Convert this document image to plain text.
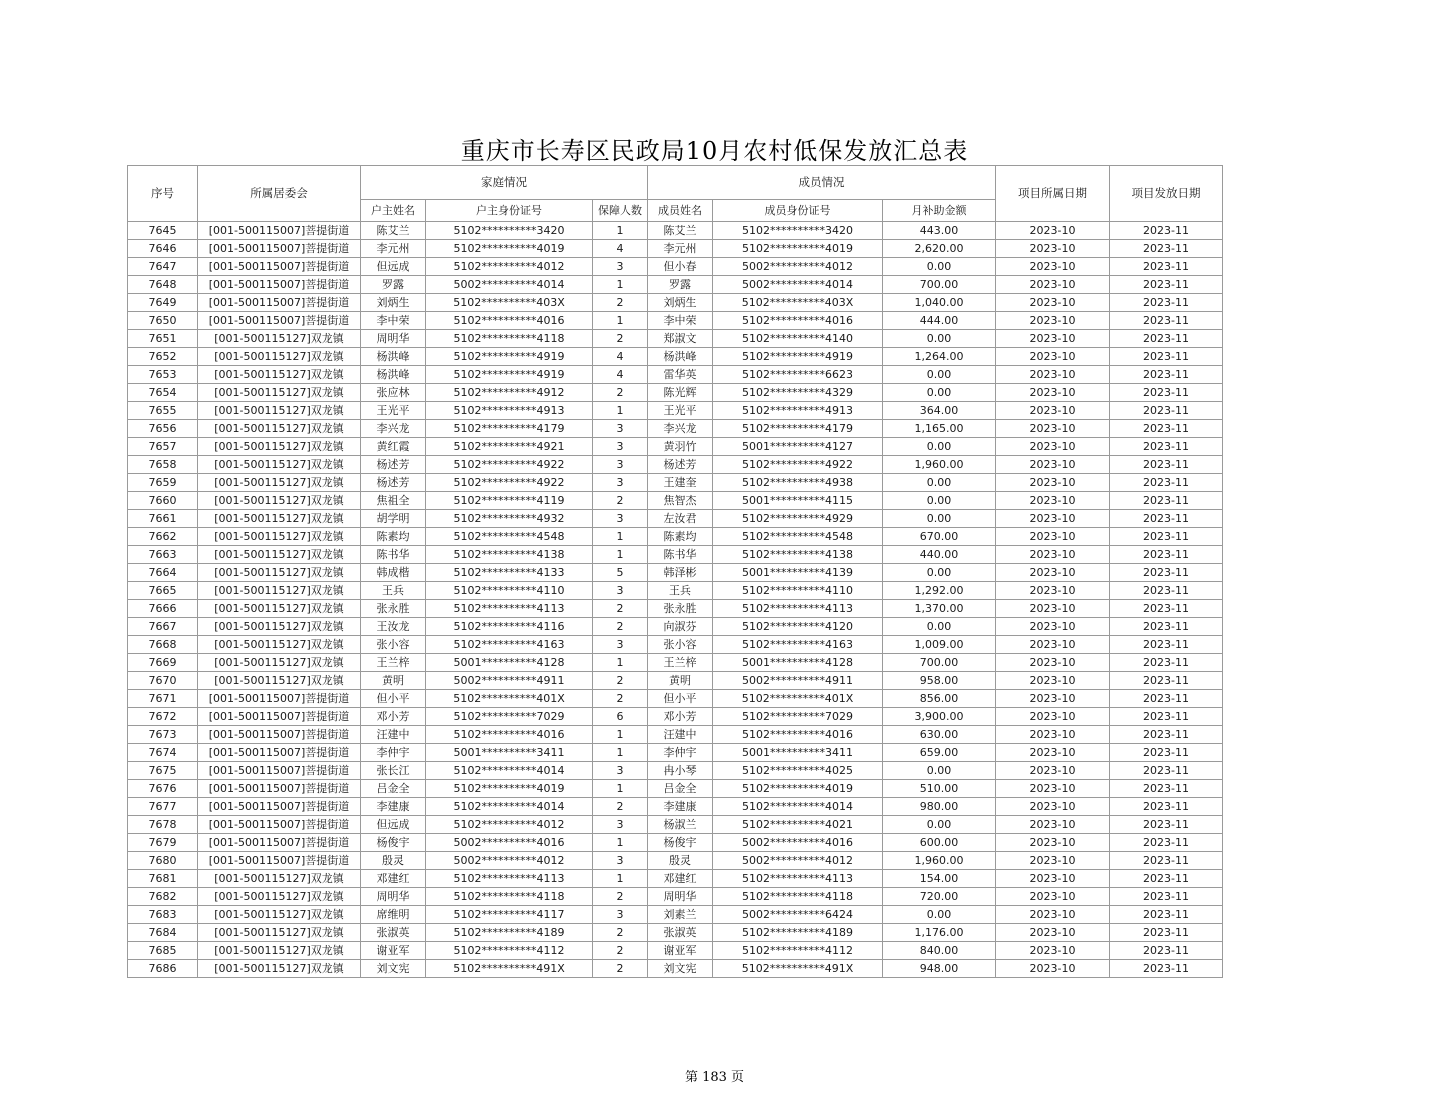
重庆市长寿区民政局10月农村低保发放汇总表
序号	所属居委会	家庭情况			成员情况			项目所属日期	项目发放日期
		户主姓名	户主身份证号	保障人数	成员姓名	成员身份证号	月补助金额		
7645	[001-500115007]菩提街道	陈艾兰	5102**********3420	1	陈艾兰	5102**********3420	443.00	2023-10	2023-11
7646	[001-500115007]菩提街道	李元州	5102**********4019	4	李元州	5102**********4019	2,620.00	2023-10	2023-11
7647	[001-500115007]菩提街道	但远成	5102**********4012	3	但小春	5002**********4012	0.00	2023-10	2023-11
7648	[001-500115007]菩提街道	罗露	5002**********4014	1	罗露	5002**********4014	700.00	2023-10	2023-11
7649	[001-500115007]菩提街道	刘炳生	5102**********403X	2	刘炳生	5102**********403X	1,040.00	2023-10	2023-11
7650	[001-500115007]菩提街道	李中荣	5102**********4016	1	李中荣	5102**********4016	444.00	2023-10	2023-11
7651	[001-500115127]双龙镇	周明华	5102**********4118	2	郑淑文	5102**********4140	0.00	2023-10	2023-11
7652	[001-500115127]双龙镇	杨洪峰	5102**********4919	4	杨洪峰	5102**********4919	1,264.00	2023-10	2023-11
7653	[001-500115127]双龙镇	杨洪峰	5102**********4919	4	雷华英	5102**********6623	0.00	2023-10	2023-11
7654	[001-500115127]双龙镇	张应林	5102**********4912	2	陈光辉	5102**********4329	0.00	2023-10	2023-11
7655	[001-500115127]双龙镇	王光平	5102**********4913	1	王光平	5102**********4913	364.00	2023-10	2023-11
7656	[001-500115127]双龙镇	李兴龙	5102**********4179	3	李兴龙	5102**********4179	1,165.00	2023-10	2023-11
7657	[001-500115127]双龙镇	黄红霞	5102**********4921	3	黄羽竹	5001**********4127	0.00	2023-10	2023-11
7658	[001-500115127]双龙镇	杨述芳	5102**********4922	3	杨述芳	5102**********4922	1,960.00	2023-10	2023-11
7659	[001-500115127]双龙镇	杨述芳	5102**********4922	3	王建奎	5102**********4938	0.00	2023-10	2023-11
7660	[001-500115127]双龙镇	焦祖全	5102**********4119	2	焦智杰	5001**********4115	0.00	2023-10	2023-11
7661	[001-500115127]双龙镇	胡学明	5102**********4932	3	左汝君	5102**********4929	0.00	2023-10	2023-11
7662	[001-500115127]双龙镇	陈素均	5102**********4548	1	陈素均	5102**********4548	670.00	2023-10	2023-11
7663	[001-500115127]双龙镇	陈书华	5102**********4138	1	陈书华	5102**********4138	440.00	2023-10	2023-11
7664	[001-500115127]双龙镇	韩成楷	5102**********4133	5	韩泽彬	5001**********4139	0.00	2023-10	2023-11
7665	[001-500115127]双龙镇	王兵	5102**********4110	3	王兵	5102**********4110	1,292.00	2023-10	2023-11
7666	[001-500115127]双龙镇	张永胜	5102**********4113	2	张永胜	5102**********4113	1,370.00	2023-10	2023-11
7667	[001-500115127]双龙镇	王汝龙	5102**********4116	2	向淑芬	5102**********4120	0.00	2023-10	2023-11
7668	[001-500115127]双龙镇	张小容	5102**********4163	3	张小容	5102**********4163	1,009.00	2023-10	2023-11
7669	[001-500115127]双龙镇	王兰梓	5001**********4128	1	王兰梓	5001**********4128	700.00	2023-10	2023-11
7670	[001-500115127]双龙镇	黄明	5002**********4911	2	黄明	5002**********4911	958.00	2023-10	2023-11
7671	[001-500115007]菩提街道	但小平	5102**********401X	2	但小平	5102**********401X	856.00	2023-10	2023-11
7672	[001-500115007]菩提街道	邓小芳	5102**********7029	6	邓小芳	5102**********7029	3,900.00	2023-10	2023-11
7673	[001-500115007]菩提街道	汪建中	5102**********4016	1	汪建中	5102**********4016	630.00	2023-10	2023-11
7674	[001-500115007]菩提街道	李仲宇	5001**********3411	1	李仲宇	5001**********3411	659.00	2023-10	2023-11
7675	[001-500115007]菩提街道	张长江	5102**********4014	3	冉小琴	5102**********4025	0.00	2023-10	2023-11
7676	[001-500115007]菩提街道	吕金全	5102**********4019	1	吕金全	5102**********4019	510.00	2023-10	2023-11
7677	[001-500115007]菩提街道	李建康	5102**********4014	2	李建康	5102**********4014	980.00	2023-10	2023-11
7678	[001-500115007]菩提街道	但远成	5102**********4012	3	杨淑兰	5102**********4021	0.00	2023-10	2023-11
7679	[001-500115007]菩提街道	杨俊宇	5002**********4016	1	杨俊宇	5002**********4016	600.00	2023-10	2023-11
7680	[001-500115007]菩提街道	殷灵	5002**********4012	3	殷灵	5002**********4012	1,960.00	2023-10	2023-11
7681	[001-500115127]双龙镇	邓建红	5102**********4113	1	邓建红	5102**********4113	154.00	2023-10	2023-11
7682	[001-500115127]双龙镇	周明华	5102**********4118	2	周明华	5102**********4118	720.00	2023-10	2023-11
7683	[001-500115127]双龙镇	席维明	5102**********4117	3	刘素兰	5002**********6424	0.00	2023-10	2023-11
7684	[001-500115127]双龙镇	张淑英	5102**********4189	2	张淑英	5102**********4189	1,176.00	2023-10	2023-11
7685	[001-500115127]双龙镇	谢亚军	5102**********4112	2	谢亚军	5102**********4112	840.00	2023-10	2023-11
7686	[001-500115127]双龙镇	刘文宪	5102**********491X	2	刘文宪	5102**********491X	948.00	2023-10	2023-11
第 183 页
